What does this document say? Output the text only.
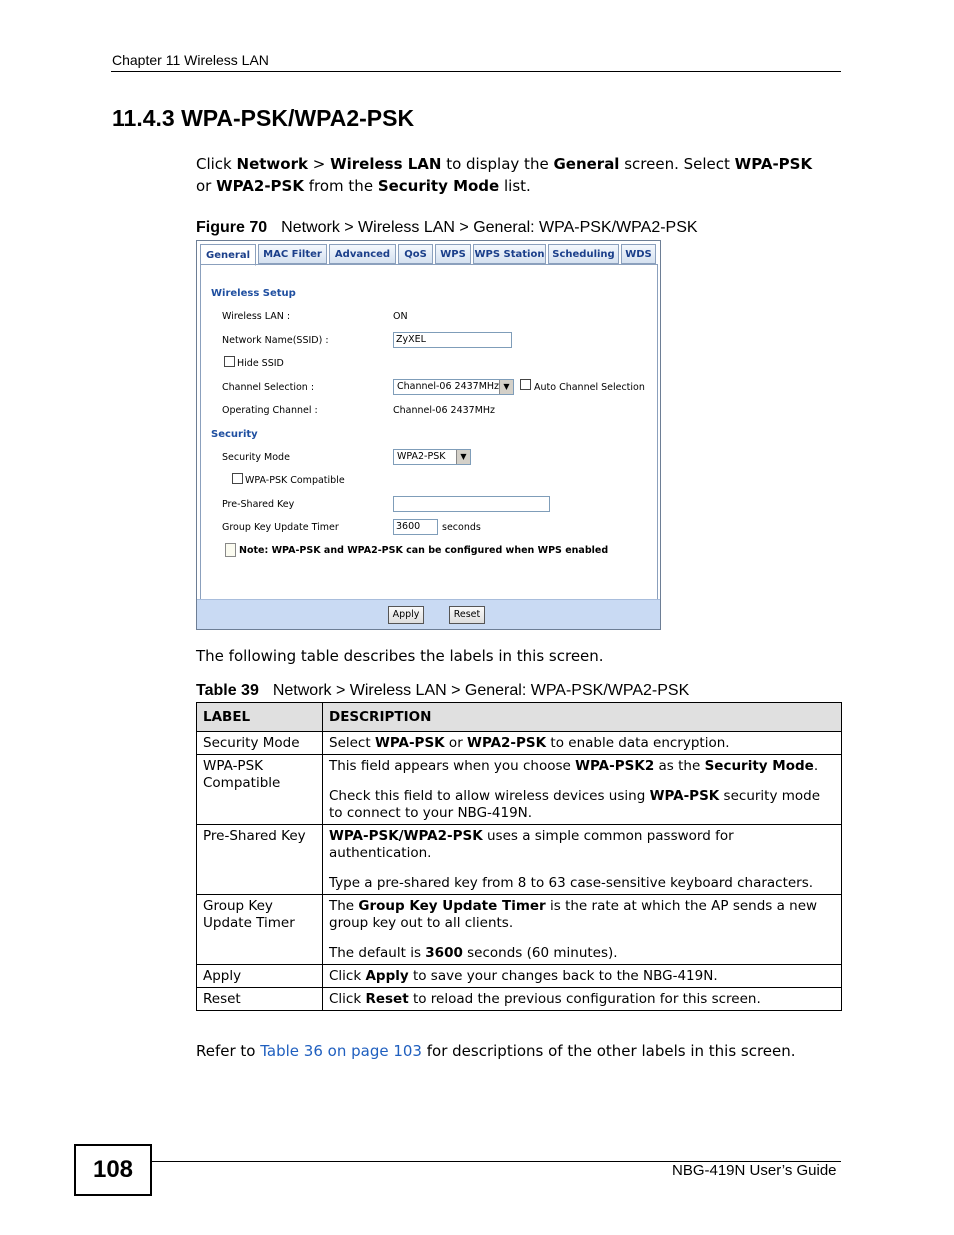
Chapter 11 Wireless LAN
11.4.3 WPA-PSK/WPA2-PSK
Click Network > Wireless LAN to display the General screen. Select WPA-PSK
or WPA2-PSK from the Security Mode list.
Figure 70 Network > Wireless LAN > General: WPA-PSK/WPA2-PSK
General	MAC Filter	Advanced	QoS	WPS WPS Station Scheduling	WDS
Wireless Setup
Wireless LAN :	ON
Network Name(SSID) :	ZyXEL
Hide SSID
Channel Selection :	Channel-06 2437MHz ▼	Auto Channel Selection
Operating Channel :	Channel-06 2437MHz
Security
Security Mode	WPA2-PSK	▼
WPA-PSK Compatible
Pre-Shared Key
Group Key Update Timer	3600	seconds
Note: WPA-PSK and WPA2-PSK can be configured when WPS enabled
Apply	Reset
The following table describes the labels in this screen.
Table 39 Network > Wireless LAN > General: WPA-PSK/WPA2-PSK
LABEL	DESCRIPTION
Security Mode	Select WPA-PSK or WPA2-PSK to enable data encryption.
WPA-PSK Compatible	This field appears when you choose WPA-PSK2 as the Security Mode.

Check this field to allow wireless devices using WPA-PSK security mode to connect to your NBG-419N.

Pre-Shared Key	WPA-PSK/WPA2-PSK uses a simple common password for authentication.

Type a pre-shared key from 8 to 63 case-sensitive keyboard characters.

Group Key Update Timer	The Group Key Update Timer is the rate at which the AP sends a new group key out to all clients.

The default is 3600 seconds (60 minutes).

Apply	Click Apply to save your changes back to the NBG-419N.
Reset	Click Reset to reload the previous configuration for this screen.
Refer to Table 36 on page 103 for descriptions of the other labels in this screen.
108	NBG-419N User’s Guide
